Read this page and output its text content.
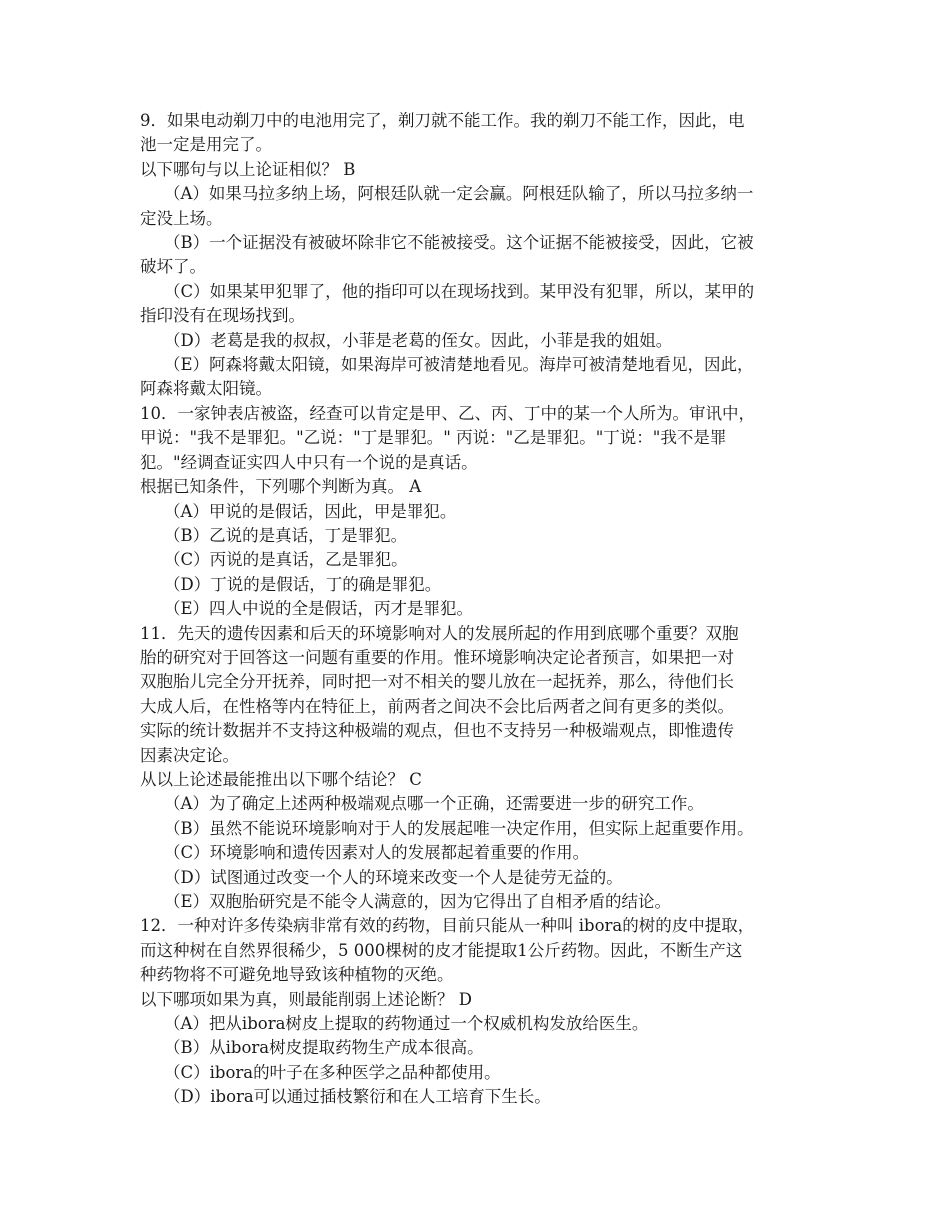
9．如果电动剃刀中的电池用完了，剃刀就不能工作。我的剃刀不能工作，因此，电
池一定是用完了。
以下哪句与以上论证相似？ B
（A）如果马拉多纳上场，阿根廷队就一定会赢。阿根廷队输了，所以马拉多纳一
定没上场。
（B）一个证据没有被破坏除非它不能被接受。这个证据不能被接受，因此，它被
破坏了。
（C）如果某甲犯罪了，他的指印可以在现场找到。某甲没有犯罪，所以，某甲的
指印没有在现场找到。
（D）老葛是我的叔叔，小菲是老葛的侄女。因此，小菲是我的姐姐。
（E）阿森将戴太阳镜，如果海岸可被清楚地看见。海岸可被清楚地看见，因此，
阿森将戴太阳镜。
10．一家钟表店被盗，经查可以肯定是甲、乙、丙、丁中的某一个人所为。审讯中，
甲说："我不是罪犯。"乙说："丁是罪犯。" 丙说："乙是罪犯。"丁说："我不是罪
犯。"经调查证实四人中只有一个说的是真话。
根据已知条件，下列哪个判断为真。 A
（A）甲说的是假话，因此，甲是罪犯。
（B）乙说的是真话，丁是罪犯。
（C）丙说的是真话，乙是罪犯。
（D）丁说的是假话，丁的确是罪犯。
（E）四人中说的全是假话，丙才是罪犯。
11．先天的遗传因素和后天的环境影响对人的发展所起的作用到底哪个重要？双胞
胎的研究对于回答这一问题有重要的作用。惟环境影响决定论者预言，如果把一对
双胞胎儿完全分开抚养，同时把一对不相关的婴儿放在一起抚养，那么，待他们长
大成人后，在性格等内在特征上，前两者之间决不会比后两者之间有更多的类似。
实际的统计数据并不支持这种极端的观点，但也不支持另一种极端观点，即惟遗传
因素决定论。
从以上论述最能推出以下哪个结论？ C
（A）为了确定上述两种极端观点哪一个正确，还需要进一步的研究工作。
（B）虽然不能说环境影响对于人的发展起唯一决定作用，但实际上起重要作用。
（C）环境影响和遗传因素对人的发展都起着重要的作用。
（D）试图通过改变一个人的环境来改变一个人是徒劳无益的。
（E）双胞胎研究是不能令人满意的，因为它得出了自相矛盾的结论。
12．一种对许多传染病非常有效的药物，目前只能从一种叫 ibora的树的皮中提取，
而这种树在自然界很稀少，5 000棵树的皮才能提取1公斤药物。因此，不断生产这
种药物将不可避免地导致该种植物的灭绝。
以下哪项如果为真，则最能削弱上述论断？ D
（A）把从ibora树皮上提取的药物通过一个权威机构发放给医生。
（B）从ibora树皮提取药物生产成本很高。
（C）ibora的叶子在多种医学之品种都使用。
（D）ibora可以通过插枝繁衍和在人工培育下生长。
